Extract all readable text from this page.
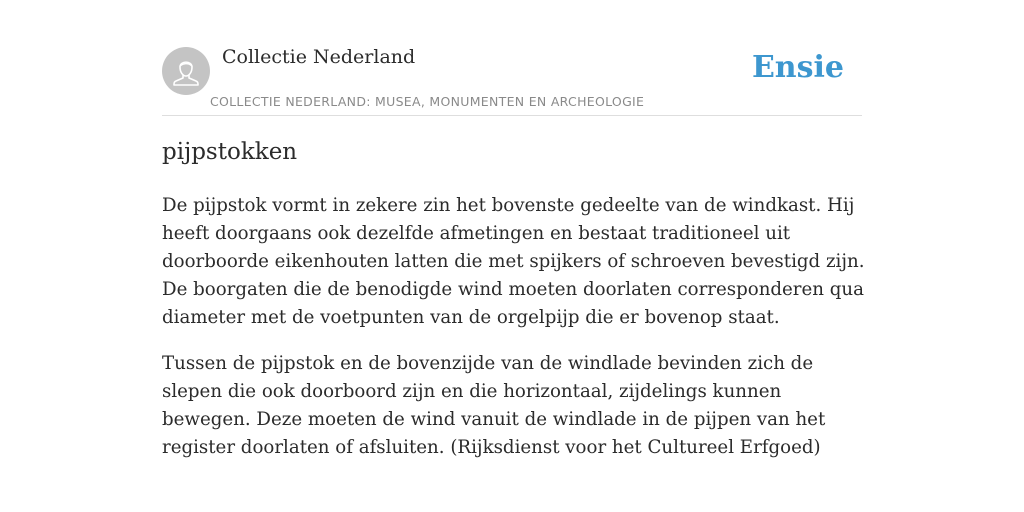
Collectie Nederland
COLLECTIE NEDERLAND: MUSEA, MONUMENTEN EN ARCHEOLOGIE
Ensie
pijpstokken

De pijpstok vormt in zekere zin het bovenste gedeelte van de windkast. Hij heeft doorgaans ook dezelfde afmetingen en bestaat traditioneel uit doorboorde eikenhouten latten die met spijkers of schroeven bevestigd zijn. De boorgaten die de benodigde wind moeten doorlaten corresponderen qua diameter met de voetpunten van de orgelpijp die er bovenop staat.

Tussen de pijpstok en de bovenzijde van de windlade bevinden zich de slepen die ook doorboord zijn en die horizontaal, zijdelings kunnen bewegen. Deze moeten de wind vanuit de windlade in de pijpen van het register doorlaten of afsluiten. (Rijksdienst voor het Cultureel Erfgoed)
